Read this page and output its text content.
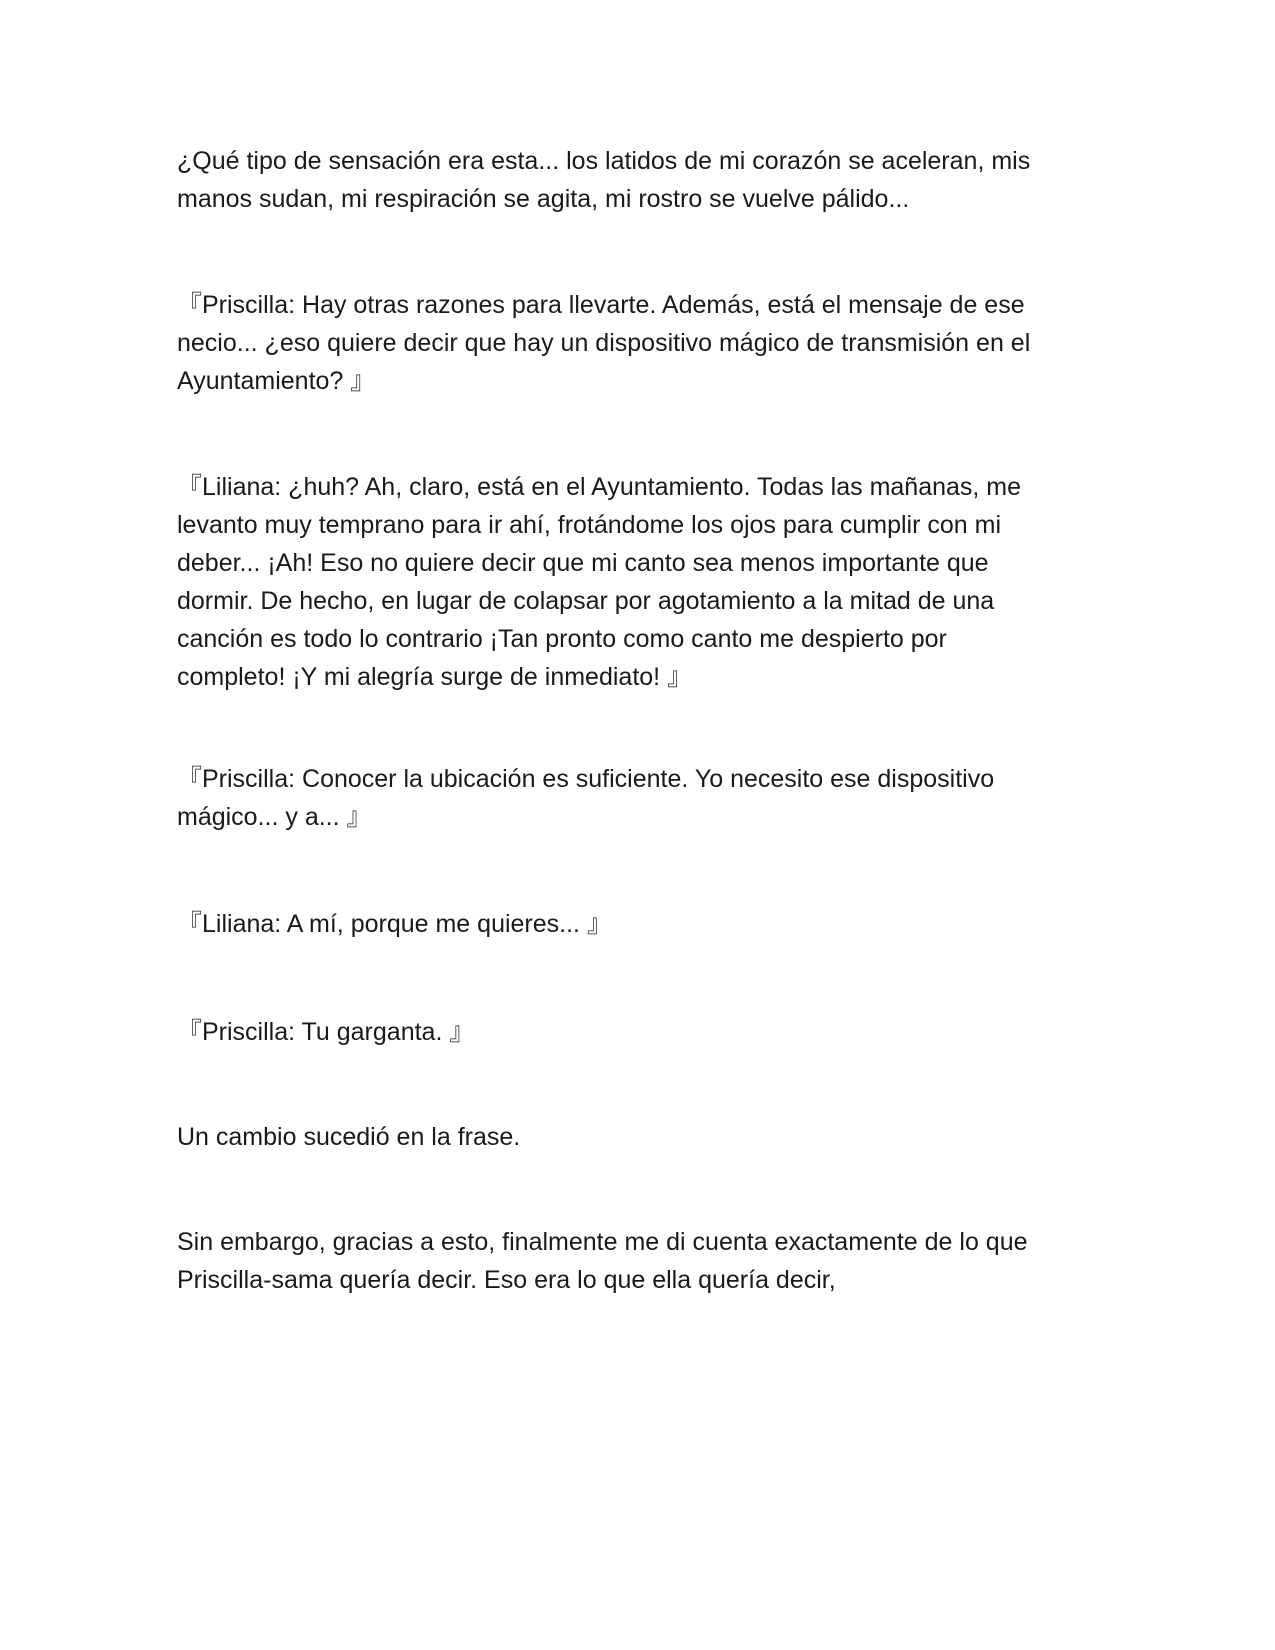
¿Qué tipo de sensación era esta... los latidos de mi corazón se aceleran, mis
manos sudan, mi respiración se agita, mi rostro se vuelve pálido...

『Priscilla: Hay otras razones para llevarte. Además, está el mensaje de ese
necio... ¿eso quiere decir que hay un dispositivo mágico de transmisión en el
Ayuntamiento? 』

『Liliana: ¿huh? Ah, claro, está en el Ayuntamiento. Todas las mañanas, me
levanto muy temprano para ir ahí, frotándome los ojos para cumplir con mi
deber... ¡Ah! Eso no quiere decir que mi canto sea menos importante que
dormir. De hecho, en lugar de colapsar por agotamiento a la mitad de una
canción es todo lo contrario ¡Tan pronto como canto me despierto por
completo! ¡Y mi alegría surge de inmediato! 』

『Priscilla: Conocer la ubicación es suficiente. Yo necesito ese dispositivo
mágico... y a... 』

『Liliana: A mí, porque me quieres... 』

『Priscilla: Tu garganta. 』

Un cambio sucedió en la frase.

Sin embargo, gracias a esto, finalmente me di cuenta exactamente de lo que
Priscilla-sama quería decir. Eso era lo que ella quería decir,
